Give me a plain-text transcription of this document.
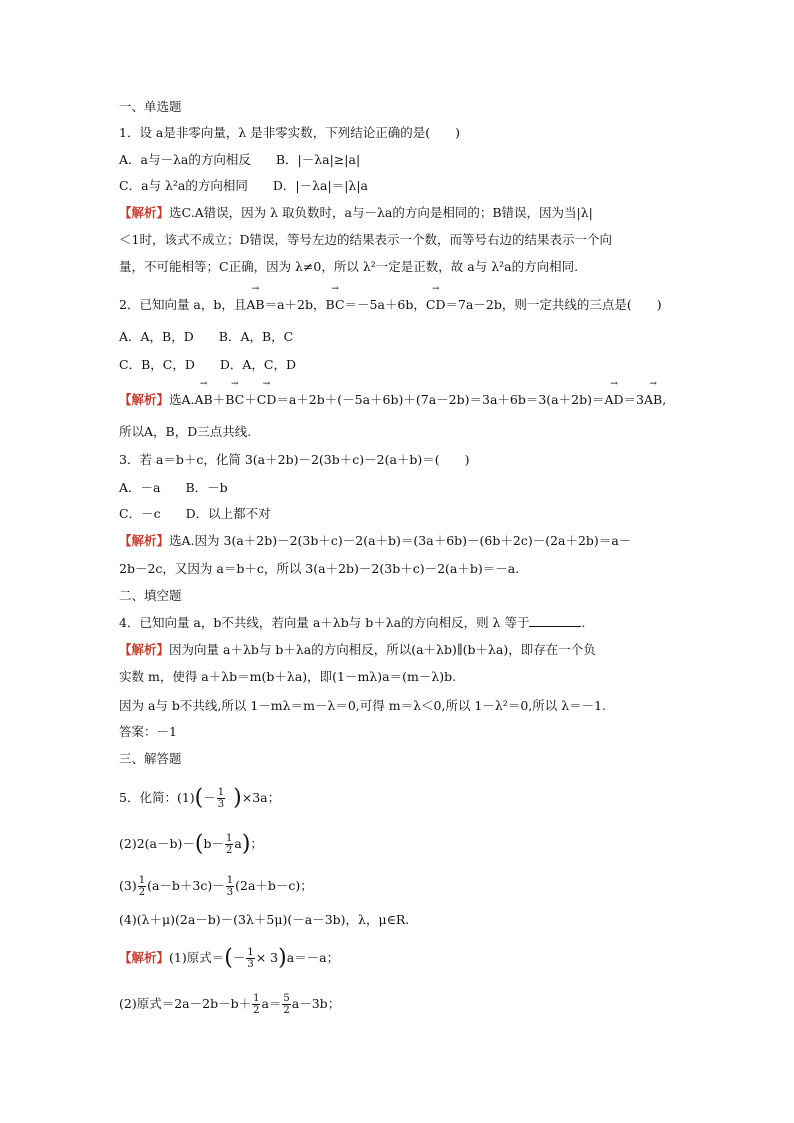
一、单选题
1．设 a是非零向量，λ 是非零实数，下列结论正确的是(　　)
A．a与－λa的方向相反　　B．|－λa|≥|a|
C．a与 λ²a的方向相同　　D．|－λa|＝|λ|a
【解析】选C.A错误，因为 λ 取负数时，a与－λa的方向是相同的；B错误，因为当|λ|
＜1时，该式不成立；D错误，等号左边的结果表示一个数，而等号右边的结果表示一个向
量，不可能相等；C正确，因为 λ≠0，所以 λ²一定是正数，故 a与 λ²a的方向相同.
2．已知向量 a，b，且→ AB＝a＋2b，→ BC＝－5a＋6b，→ CD＝7a－2b，则一定共线的三点是(　　)
A．A，B，D　　B．A，B，C
C．B，C，D　　D．A，C，D
【解析】选A.→ AB＋→ BC＋→ CD＝a＋2b＋(－5a＋6b)＋(7a－2b)＝3a＋6b＝3(a＋2b)＝→ AD＝3→ AB,
所以A，B，D三点共线.
3．若 a＝b＋c，化简 3(a＋2b)－2(3b＋c)－2(a＋b)＝(　　)
A．－a　　B．－b
C．－c　　D．以上都不对
【解析】选A.因为 3(a＋2b)－2(3b＋c)－2(a＋b)＝(3a＋6b)－(6b＋2c)－(2a＋2b)＝a－
2b－2c，又因为 a＝b＋c，所以 3(a＋2b)－2(3b＋c)－2(a＋b)＝－a.
二、填空题
4．已知向量 a，b不共线，若向量 a＋λb与 b＋λa的方向相反，则 λ 等于	.
【解析】因为向量 a＋λb与 b＋λa的方向相反，所以(a＋λb)∥(b＋λa)，即存在一个负
实数 m，使得 a＋λb＝m(b＋λa)，即(1－mλ)a＝(m－λ)b.
因为 a与 b不共线,所以 1－mλ＝m－λ＝0,可得 m＝λ＜0,所以 1－λ²＝0,所以 λ＝－1.
答案：－1
三、解答题
5．化简：$(1)(- \frac{1}{3} )\times 3a$；
$(2)2(a-b)-(b- \frac{1}{2} a)$；
$(3) \frac{1}{2} (a-b+3c)- \frac{1}{3} (2a+b-c)$；
(4)(λ＋μ)(2a－b)－(3λ＋5μ)(－a－3b)，λ，μ∈R.
【解析】(1)原式＝(－ $\frac{1}{3} \times 3)a=-a$；
(2)原式$=2a-2b-b+ \frac{1}{2} a= \frac{5}{2} a-3b$；
